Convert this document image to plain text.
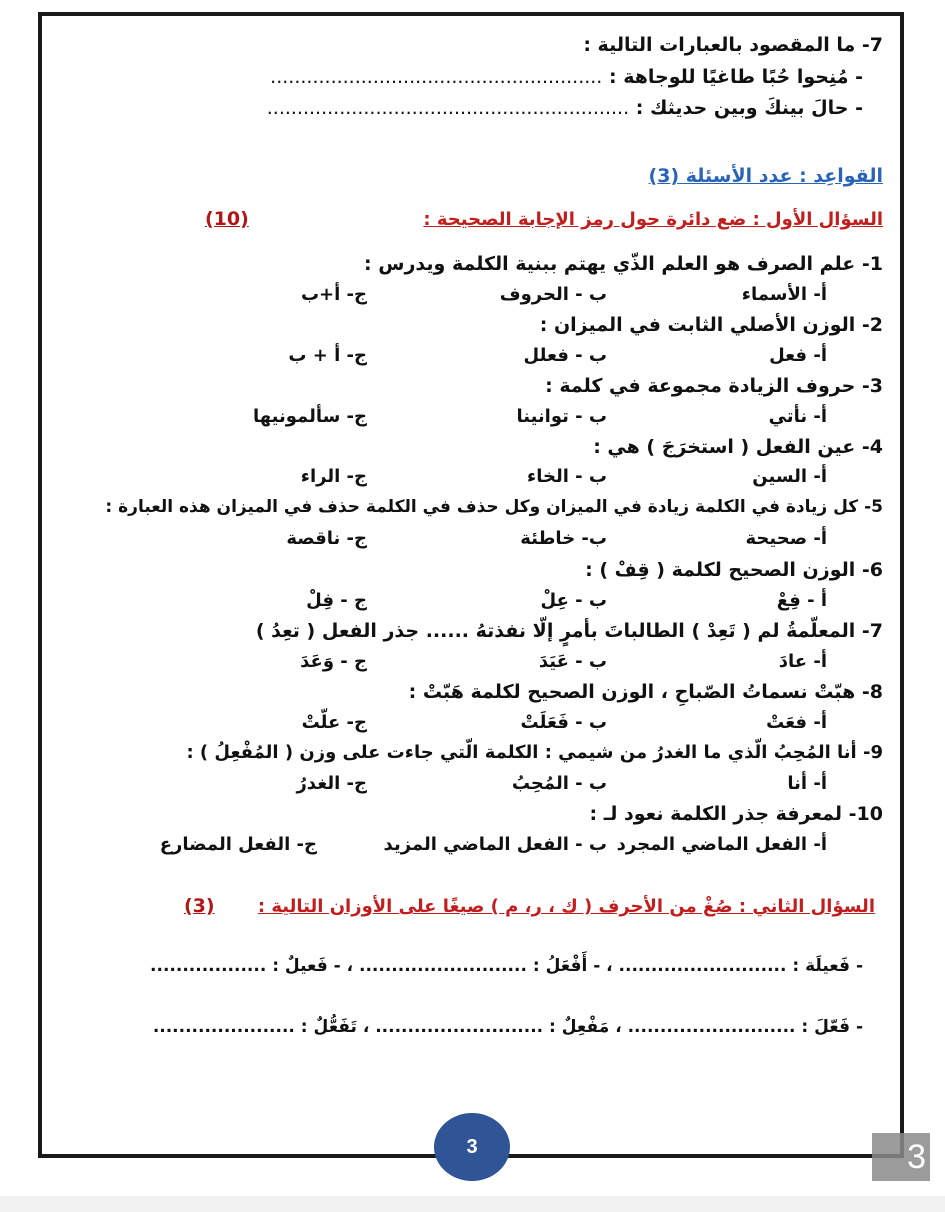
7- ما المقصود بالعبارات التالية :
- مُنِحوا حُبًا طاغيًا للوجاهة : .......................................................
- حالَ بينكَ وبين حديثك : ............................................................
القواعِد : عدد الأسئلة (3)
السؤال الأول : ضع دائرة حول رمز الإجابة الصحيحة :
(10)
1- علم الصرف هو العلم الذّي يهتم ببنية الكلمة ويدرس :
أ- الأسماء
ب - الحروف
ج- أ+ب
2- الوزن الأصلي الثابت في الميزان :
أ- فعل
ب - فعلل
ج- أ + ب
3- حروف الزيادة مجموعة في كلمة :
أ- نأتي
ب - توانينا
ج- سألمونيها
4- عين الفعل ( استخرَجَ ) هي :
أ- السين
ب - الخاء
ج- الراء
5- كل زيادة في الكلمة زيادة في الميزان وكل حذف في الكلمة حذف في الميزان هذه العبارة :
أ- صحيحة
ب- خاطئة
ج- ناقصة
6- الوزن الصحيح لكلمة ( قِفْ ) :
أ - فِعْ
ب - عِلْ
ج - فِلْ
7- المعلّمةُ لم ( تَعِدْ ) الطالباتَ بأمرٍ إلّا نفذتهُ ...... جذر الفعل ( تعِدُ )
أ- عادَ
ب - عَيَدَ
ج - وَعَدَ
8- هبّتْ نسماتُ الصّباحِ ، الوزن الصحيح لكلمة هَبّتْ :
أ- فعَتْ
ب - فَعَلَتْ
ج- علّتْ
9- أنا المُحِبُ الّذي ما الغدرُ من شيمي : الكلمة الّتي جاءت على وزن ( المُفْعِلُ ) :
أ- أنا
ب - المُحِبُ
ج- الغدرُ
10- لمعرفة جذر الكلمة نعود لـ :
أ- الفعل الماضي المجرد
ب - الفعل الماضي المزيد
ج- الفعل المضارع
السؤال الثاني : صُغْ من الأحرف ( ك ، ر، م ) صيغًا على الأوزان التالية :
(3)
- فَعيلَة : .......................... ، - أَفْعَلُ : .......................... ، - فَعيلٌ : ..................
- فَعّلَ : .......................... ، مَفْعِلٌ : .......................... ، تَفَعُّلٌ : ......................
3	3
